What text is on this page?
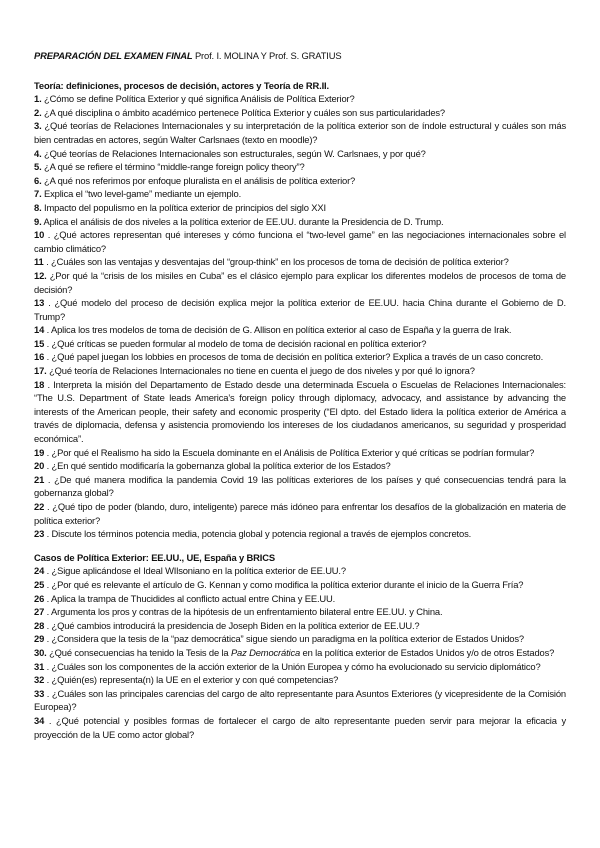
PREPARACIÓN DEL EXAMEN FINAL Prof. I. MOLINA Y Prof. S. GRATIUS

Teoría: definiciones, procesos de decisión, actores y Teoría de RR.II.

1. ¿Cómo se define Política Exterior y qué significa Análisis de Política Exterior?

2. ¿A qué disciplina o ámbito académico pertenece Política Exterior y cuáles son sus particularidades?

3. ¿Qué teorías de Relaciones Internacionales y su interpretación de la política exterior son de índole estructural y cuáles son más bien centradas en actores, según Walter Carlsnaes (texto en moodle)?

4. ¿Qué teorías de Relaciones Internacionales son estructurales, según W. Carlsnaes, y por qué?

5. ¿A qué se refiere el término “middle-range foreign policy theory”?

6. ¿A qué nos referimos por enfoque pluralista en el análisis de política exterior?

7. Explica el “two level-game” mediante un ejemplo.

8. Impacto del populismo en la política exterior de principios del siglo XXI

9. Aplica el análisis de dos niveles a la política exterior de EE.UU. durante la Presidencia de D. Trump.

10 . ¿Qué actores representan qué intereses y cómo funciona el “two-level game” en las negociaciones internacionales sobre el cambio climático?

11 . ¿Cuáles son las ventajas y desventajas del “group-think” en los procesos de toma de decisión de política exterior?

12. ¿Por qué la “crisis de los misiles en Cuba” es el clásico ejemplo para explicar los diferentes modelos de procesos de toma de decisión?

13 . ¿Qué modelo del proceso de decisión explica mejor la política exterior de EE.UU. hacia China durante el Gobierno de D. Trump?

14 . Aplica los tres modelos de toma de decisión de G. Allison en política exterior al caso de España y la guerra de Irak.

15 . ¿Qué críticas se pueden formular al modelo de toma de decisión racional en política exterior?

16 . ¿Qué papel juegan los lobbies en procesos de toma de decisión en política exterior? Explica a través de un caso concreto.

17. ¿Qué teoría de Relaciones Internacionales no tiene en cuenta el juego de dos niveles y por qué lo ignora?

18 . Interpreta la misión del Departamento de Estado desde una determinada Escuela o Escuelas de Relaciones Internacionales: “The U.S. Department of State leads America’s foreign policy through diplomacy, advocacy, and assistance by advancing the interests of the American people, their safety and economic prosperity (“El dpto. del Estado lidera la política exterior de América a través de diplomacia, defensa y asistencia promoviendo los intereses de los ciudadanos americanos, su seguridad y prosperidad económica”.

19 . ¿Por qué el Realismo ha sido la Escuela dominante en el Análisis de Política Exterior y qué críticas se podrían formular?

20 . ¿En qué sentido modificaría la gobernanza global la política exterior de los Estados?

21 . ¿De qué manera modifica la pandemia Covid 19 las políticas exteriores de los países y qué consecuencias tendrá para la gobernanza global?

22 . ¿Qué tipo de poder (blando, duro, inteligente) parece más idóneo para enfrentar los desafíos de la globalización en materia de política exterior?

23 . Discute los términos potencia media, potencia global y potencia regional a través de ejemplos concretos.

Casos de Política Exterior: EE.UU., UE, España y BRICS

24 . ¿Sigue aplicándose el Ideal WIlsoniano en la política exterior de EE.UU.?

25 . ¿Por qué es relevante el artículo de G. Kennan y como modifica la política exterior durante el inicio de la Guerra Fría?

26 . Aplica la trampa de Thucidides al conflicto actual entre China y EE.UU.

27 . Argumenta los pros y contras de la hipótesis de un enfrentamiento bilateral entre EE.UU. y China.

28 . ¿Qué cambios introducirá la presidencia de Joseph Biden en la política exterior de EE.UU.?

29 . ¿Considera que la tesis de la “paz democrática” sigue siendo un paradigma en la política exterior de Estados Unidos?

30. ¿Qué consecuencias ha tenido la Tesis de la Paz Democrática en la política exterior de Estados Unidos y/o de otros Estados?

31 . ¿Cuáles son los componentes de la acción exterior de la Unión Europea y cómo ha evolucionado su servicio diplomático?

32 . ¿Quién(es) representa(n) la UE en el exterior y con qué competencias?

33 . ¿Cuáles son las principales carencias del cargo de alto representante para Asuntos Exteriores (y vicepresidente de la Comisión Europea)?

34 . ¿Qué potencial y posibles formas de fortalecer el cargo de alto representante pueden servir para mejorar la eficacia y proyección de la UE como actor global?
